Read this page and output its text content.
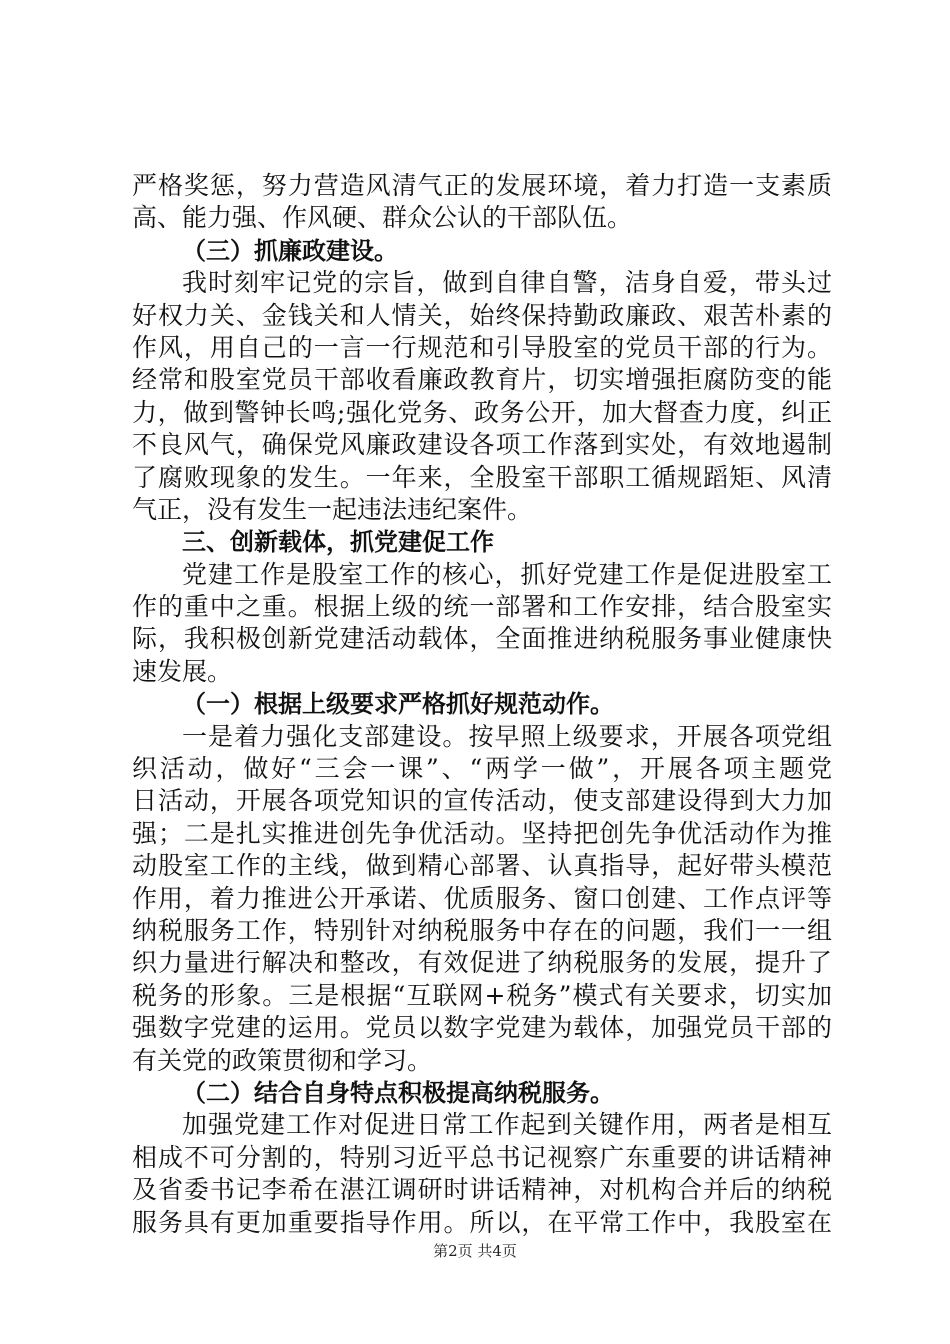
严格奖惩，努力营造风清气正的发展环境，着力打造一支素质
高、能力强、作风硬、群众公认的干部队伍。
（三）抓廉政建设。
我时刻牢记党的宗旨，做到自律自警，洁身自爱，带头过
好权力关、金钱关和人情关，始终保持勤政廉政、艰苦朴素的
作风，用自己的一言一行规范和引导股室的党员干部的行为。
经常和股室党员干部收看廉政教育片，切实增强拒腐防变的能
力，做到警钟长鸣;强化党务、政务公开，加大督查力度，纠正
不良风气，确保党风廉政建设各项工作落到实处，有效地遏制
了腐败现象的发生。一年来，全股室干部职工循规蹈矩、风清
气正，没有发生一起违法违纪案件。
三、创新载体，抓党建促工作
党建工作是股室工作的核心，抓好党建工作是促进股室工
作的重中之重。根据上级的统一部署和工作安排，结合股室实
际，我积极创新党建活动载体，全面推进纳税服务事业健康快
速发展。
（一）根据上级要求严格抓好规范动作。
一是着力强化支部建设。按早照上级要求，开展各项党组
织活动，做好“三会一课”、“两学一做”，开展各项主题党
日活动，开展各项党知识的宣传活动，使支部建设得到大力加
强；二是扎实推进创先争优活动。坚持把创先争优活动作为推
动股室工作的主线，做到精心部署、认真指导，起好带头模范
作用，着力推进公开承诺、优质服务、窗口创建、工作点评等
纳税服务工作，特别针对纳税服务中存在的问题，我们一一组
织力量进行解决和整改，有效促进了纳税服务的发展，提升了
税务的形象。三是根据“互联网+税务”模式有关要求，切实加
强数字党建的运用。党员以数字党建为载体，加强党员干部的
有关党的政策贯彻和学习。
（二）结合自身特点积极提高纳税服务。
加强党建工作对促进日常工作起到关键作用，两者是相互
相成不可分割的，特别习近平总书记视察广东重要的讲话精神
及省委书记李希在湛江调研时讲话精神，对机构合并后的纳税
服务具有更加重要指导作用。所以，在平常工作中，我股室在
第2页 共4页
